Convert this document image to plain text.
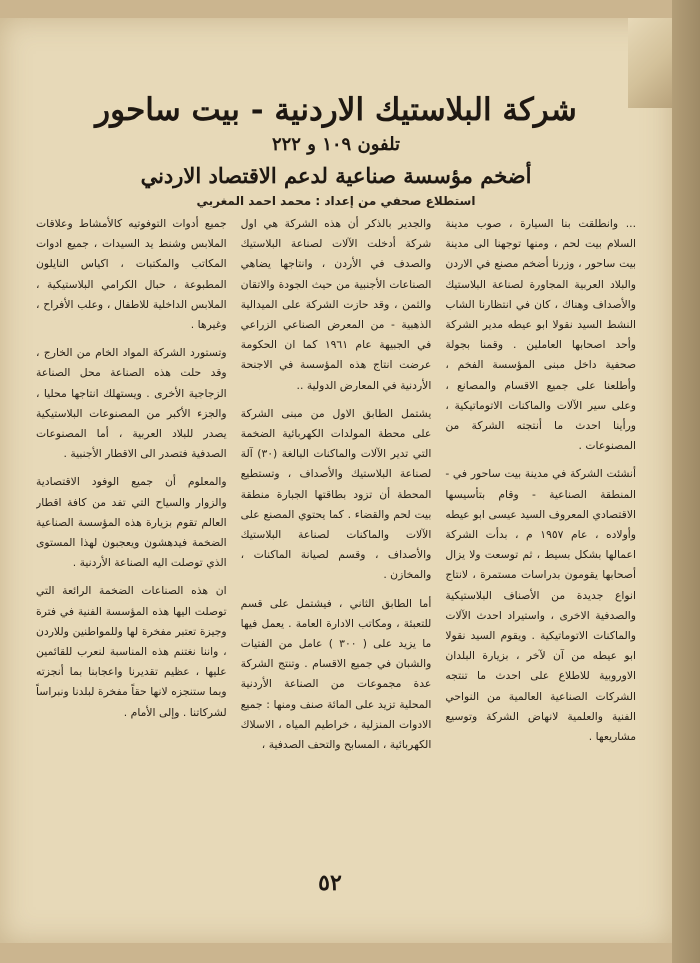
شركة البلاستيك الاردنية - بيت ساحور
تلفون ١٠٩ و ٢٢٢
أضخم مؤسسة صناعية لدعم الاقتصاد الاردني
استطلاع صحفي من إعداد : محمد احمد المغربي

... وانطلقت بنا السيارة ، صوب مدينة السلام بيت لحم ، ومنها توجهنا الى مدينة بيت ساحور ، وزرنا أضخم مصنع في الاردن والبلاد العربية المجاورة لصناعة البلاستيك والأصداف وهناك ، كان في انتظارنا الشاب النشط السيد نقولا ابو عيطه مدير الشركة وأحد اصحابها العاملين . وقمنا بجولة صحفية داخل مبنى المؤسسة الفخم ، وأطلعنا على جميع الاقسام والمصانع ، وعلى سير الآلات والماكنات الاتوماتيكية ، ورأينا احدث ما أنتجته الشركة من المصنوعات .

أنشئت الشركة في مدينة بيت ساحور في - المنطقة الصناعية - وقام بتأسيسها الاقتصادي المعروف السيد عيسى ابو عيطه وأولاده ، عام ١٩٥٧ م ، بدأت الشركة اعمالها بشكل بسيط ، ثم توسعت ولا يزال أصحابها يقومون بدراسات مستمرة ، لانتاج انواع جديدة من الأصناف البلاستيكية والصدفية الاخرى ، واستيراد احدث الآلات والماكنات الاتوماتيكية . ويقوم السيد نقولا ابو عيطه من آن لآخر ، بزيارة البلدان الاوروبية للاطلاع على احدث ما تنتجه الشركات الصناعية العالمية من النواحي الفنية والعلمية لانهاض الشركة وتوسيع مشاريعها .

والجدير بالذكر أن هذه الشركة هي اول شركة أدخلت الآلات لصناعة البلاستيك والصدف في الأردن ، وانتاجها يضاهي الصناعات الأجنبية من حيث الجودة والاتقان والثمن ، وقد حازت الشركة على الميدالية الذهبية - من المعرض الصناعي الزراعي في الجبيهة عام ١٩٦١ كما ان الحكومة عرضت انتاج هذه المؤسسة في الاجنحة الأردنية في المعارض الدولية ..

يشتمل الطابق الاول من مبنى الشركة على محطة المولدات الكهربائية الضخمة التي تدير الآلات والماكنات البالغة (٣٠) آلة لصناعة البلاستيك والأصداف ، وتستطيع المحطة أن تزود بطاقتها الجبارة منطقة بيت لحم والقضاء . كما يحتوي المصنع على الآلات والماكنات لصناعة البلاستيك والأصداف ، وقسم لصيانة الماكنات ، والمخازن .

أما الطابق الثاني ، فيشتمل على قسم للتعبئة ، ومكاتب الادارة العامة . يعمل فيها ما يزيد على ( ٣٠٠ ) عامل من الفتيات والشبان في جميع الاقسام . وتنتج الشركة عدة مجموعات من الصناعة الأردنية المحلية تزيد على المائة صنف ومنها : جميع الادوات المنزلية ، خراطيم المياه ، الاسلاك الكهربائية ، المسابح والتحف الصدفية ،

جميع أدوات التوفوتيه كالأمشاط وعلاقات الملابس وشنط يد السيدات ، جميع ادوات المكاتب والمكتبات ، اكياس النايلون المطبوعة ، حبال الكرامي البلاستيكية ، الملابس الداخلية للاطفال ، وعلب الأفراح ، وغيرها .

وتستورد الشركة المواد الخام من الخارج ، وقد حلت هذه الصناعة محل الصناعة الزجاجية الأخرى . ويستهلك انتاجها محليا ، والجزء الأكبر من المصنوعات البلاستيكية يصدر للبلاد العربية ، أما المصنوعات الصدفية فتصدر الى الاقطار الأجنبية .

والمعلوم أن جميع الوفود الاقتصادية والزوار والسياح التي تفد من كافة اقطار العالم تقوم بزيارة هذه المؤسسة الصناعية الضخمة فيدهشون ويعجبون لهذا المستوى الذي توصلت اليه الصناعة الأردنية .

ان هذه الصناعات الضخمة الرائعة التي توصلت اليها هذه المؤسسة الفنية في فترة وجيزة تعتبر مفخرة لها وللمواطنين وللاردن ، واننا نغتنم هذه المناسبة لنعرب للقائمين عليها ، عظيم تقديرنا واعجابنا بما أنجزته وبما ستنجزه لانها حقاً مفخرة لبلدنا ونبراساً لشركاتنا . وإلى الأمام .

٥٢
